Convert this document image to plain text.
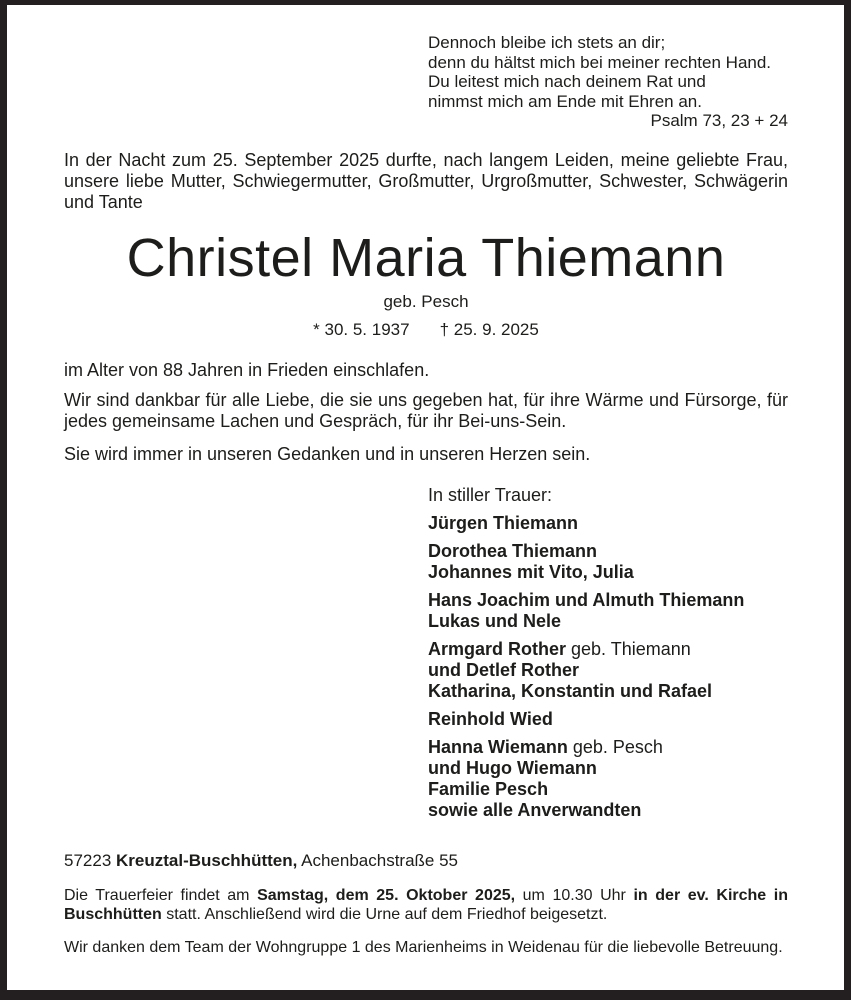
Dennoch bleibe ich stets an dir;
denn du hältst mich bei meiner rechten Hand.
Du leitest mich nach deinem Rat und
nimmst mich am Ende mit Ehren an.
Psalm 73, 23 + 24
In der Nacht zum 25. September 2025 durfte, nach langem Leiden, meine geliebte Frau, unsere liebe Mutter, Schwiegermutter, Großmutter, Urgroßmutter, Schwester, Schwägerin und Tante
Christel Maria Thiemann
geb. Pesch
* 30. 5. 1937 † 25. 9. 2025
im Alter von 88 Jahren in Frieden einschlafen.
Wir sind dankbar für alle Liebe, die sie uns gegeben hat, für ihre Wärme und Fürsorge, für jedes gemeinsame Lachen und Gespräch, für ihr Bei-uns-Sein.
Sie wird immer in unseren Gedanken und in unseren Herzen sein.
In stiller Trauer:
Jürgen Thiemann
Dorothea Thiemann
Johannes mit Vito, Julia
Hans Joachim und Almuth Thiemann
Lukas und Nele
Armgard Rother geb. Thiemann
und Detlef Rother
Katharina, Konstantin und Rafael
Reinhold Wied
Hanna Wiemann geb. Pesch
und Hugo Wiemann
Familie Pesch
sowie alle Anverwandten
57223 Kreuztal-Buschhütten, Achenbachstraße 55
Die Trauerfeier findet am Samstag, dem 25. Oktober 2025, um 10.30 Uhr in der ev. Kirche in Buschhütten statt. Anschließend wird die Urne auf dem Friedhof beigesetzt.
Wir danken dem Team der Wohngruppe 1 des Marienheims in Weidenau für die liebevolle Betreuung.
